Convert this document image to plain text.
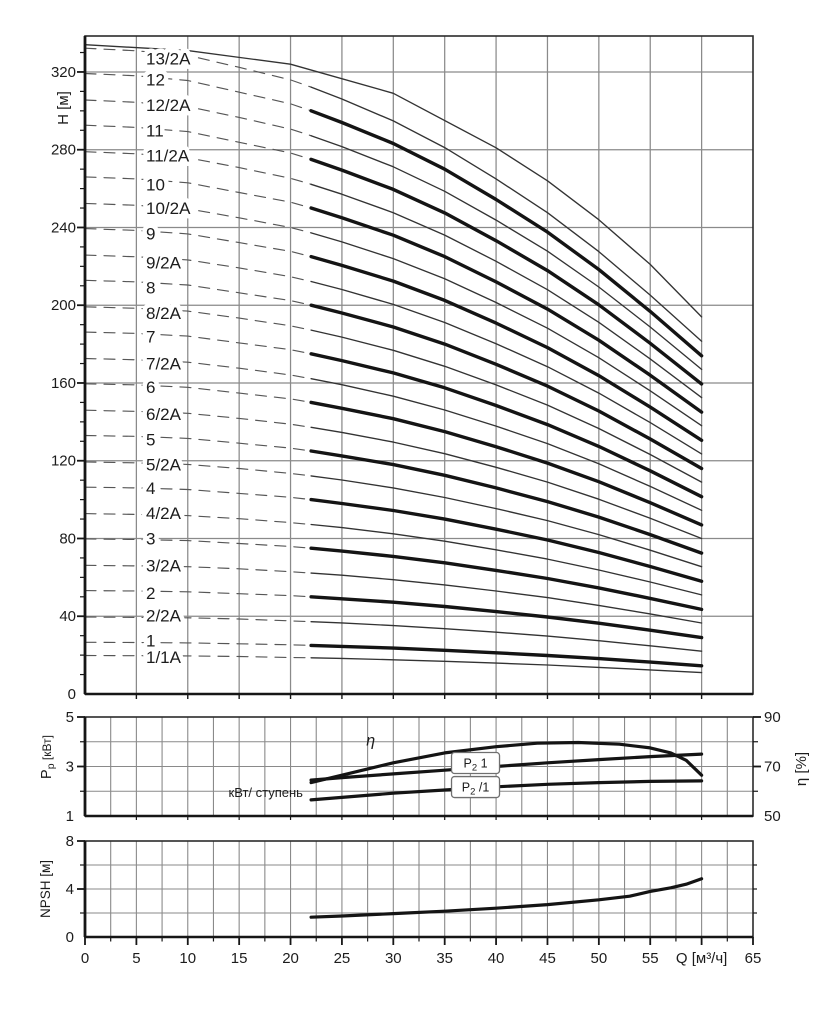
13/2A
12
12/2A
11
11/2A
10
10/2A
9
9/2A
8
8/2A
7
7/2A
6
6/2A
5
5/2A
4
4/2A
3
3/2A
2
2/2A
1
1/1A
0
40
80
120
160
200
240
280
320
η
кВт/ ступень
$P_2$ 1
$P_2$ /1
5
3
1
90
70
50
8
4
0
0	5	10 15 20 25 30 35 40 45 50 55 Q [м³/ч] 65
H [м]
$P_p$ [кВт]
η [%]
NPSH [м]
